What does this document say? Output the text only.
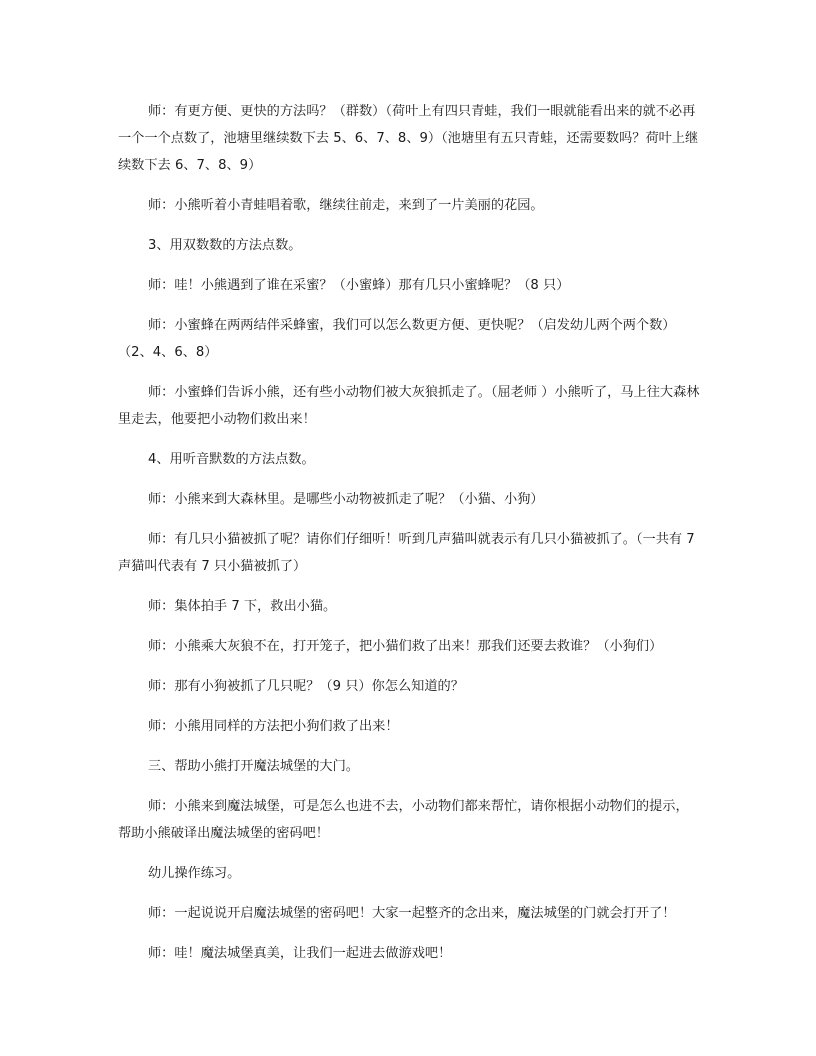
师：有更方便、更快的方法吗？（群数）（荷叶上有四只青蛙，我们一眼就能看出来的就不必再一个一个点数了，池塘里继续数下去 5、6、7、8、9）（池塘里有五只青蛙，还需要数吗？荷叶上继续数下去 6、7、8、9）

师：小熊听着小青蛙唱着歌，继续往前走，来到了一片美丽的花园。

3、用双数数的方法点数。

师：哇！小熊遇到了谁在采蜜？（小蜜蜂）那有几只小蜜蜂呢？（8 只）

师：小蜜蜂在两两结伴采蜂蜜，我们可以怎么数更方便、更快呢？（启发幼儿两个两个数）（2、4、6、8）

师：小蜜蜂们告诉小熊，还有些小动物们被大灰狼抓走了。（屈老师 ）小熊听了，马上往大森林里走去，他要把小动物们救出来！

4、用听音默数的方法点数。

师：小熊来到大森林里。是哪些小动物被抓走了呢？（小猫、小狗）

师：有几只小猫被抓了呢？请你们仔细听！听到几声猫叫就表示有几只小猫被抓了。（一共有 7 声猫叫代表有 7 只小猫被抓了）

师：集体拍手 7 下，救出小猫。

师：小熊乘大灰狼不在，打开笼子，把小猫们救了出来！那我们还要去救谁？（小狗们）

师：那有小狗被抓了几只呢？（9 只）你怎么知道的？

师：小熊用同样的方法把小狗们救了出来！

三、帮助小熊打开魔法城堡的大门。

师：小熊来到魔法城堡，可是怎么也进不去，小动物们都来帮忙，请你根据小动物们的提示，帮助小熊破译出魔法城堡的密码吧！

幼儿操作练习。

师：一起说说开启魔法城堡的密码吧！大家一起整齐的念出来，魔法城堡的门就会打开了！

师：哇！魔法城堡真美，让我们一起进去做游戏吧！
